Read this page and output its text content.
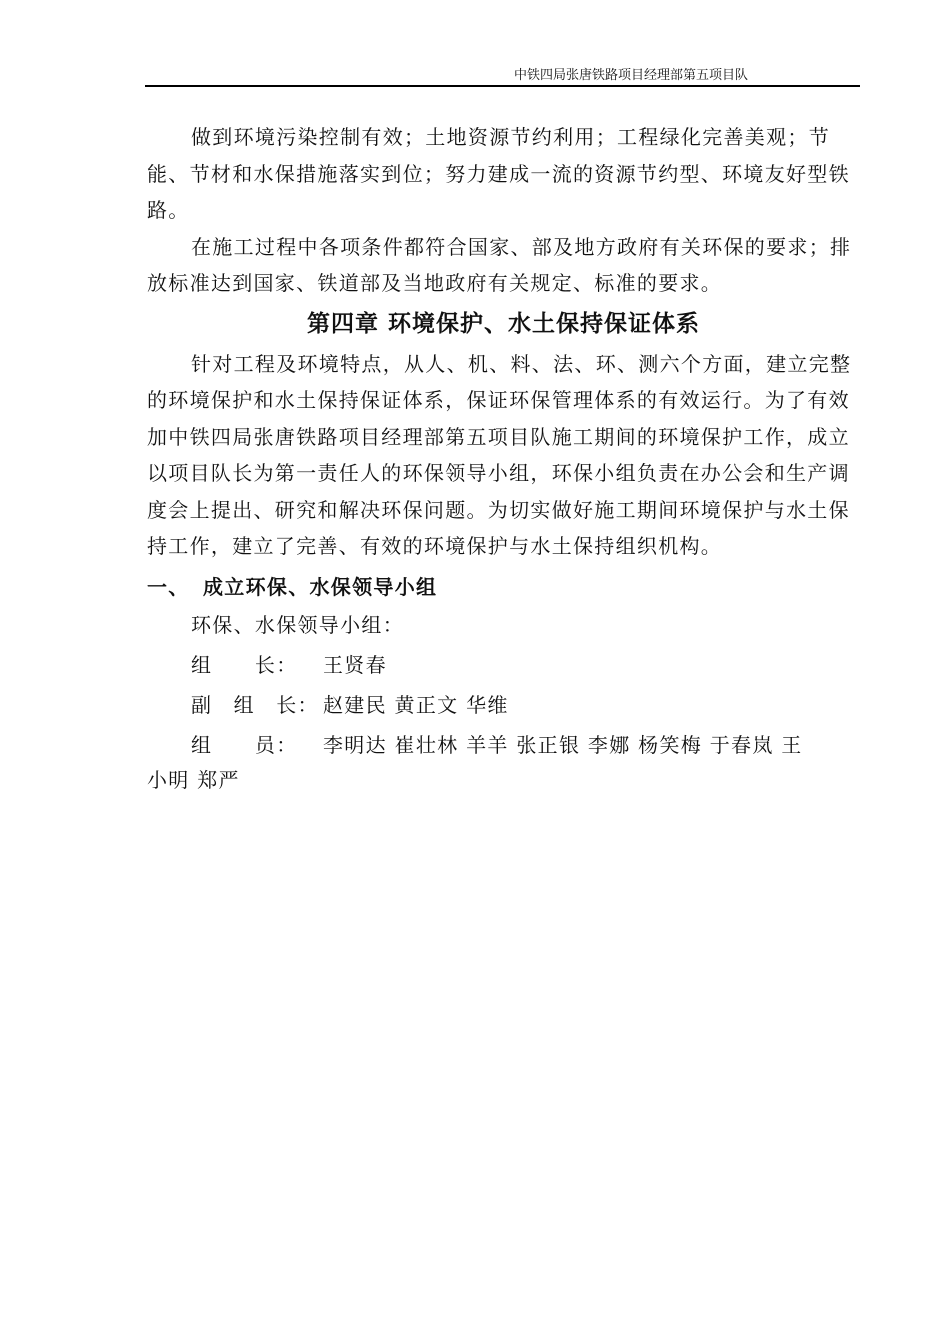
中铁四局张唐铁路项目经理部第五项目队

做到环境污染控制有效；土地资源节约利用；工程绿化完善美观；节能、节材和水保措施落实到位；努力建成一流的资源节约型、环境友好型铁路。

在施工过程中各项条件都符合国家、部及地方政府有关环保的要求；排放标准达到国家、铁道部及当地政府有关规定、标准的要求。

第四章 环境保护、水土保持保证体系

针对工程及环境特点，从人、机、料、法、环、测六个方面，建立完整的环境保护和水土保持保证体系，保证环保管理体系的有效运行。为了有效加中铁四局张唐铁路项目经理部第五项目队施工期间的环境保护工作，成立以项目队长为第一责任人的环保领导小组，环保小组负责在办公会和生产调度会上提出、研究和解决环保问题。为切实做好施工期间环境保护与水土保持工作，建立了完善、有效的环境保护与水土保持组织机构。

一、 成立环保、水保领导小组

环保、水保领导小组：
组　　长：	王贤春
副　组　长： 赵建民 黄正文 华维
组　　员：	李明达 崔壮林 羊羊 张正银 李娜 杨笑梅 于春岚 王
小明 郑严
